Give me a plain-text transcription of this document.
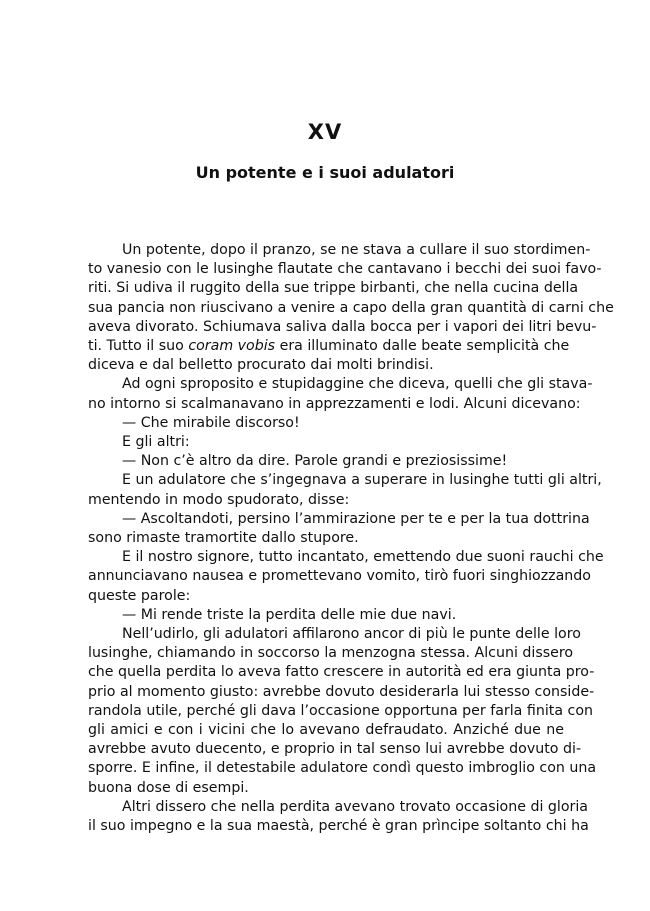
XV
Un potente e i suoi adulatori
Un potente, dopo il pranzo, se ne stava a cullare il suo stordimen-
to vanesio con le lusinghe flautate che cantavano i becchi dei suoi favo-
riti. Si udiva il ruggito della sue trippe birbanti, che nella cucina della
sua pancia non riuscivano a venire a capo della gran quantità di carni che
aveva divorato. Schiumava saliva dalla bocca per i vapori dei litri bevu-
ti. Tutto il suo coram vobis era illuminato dalle beate semplicità che
diceva e dal belletto procurato dai molti brindisi.
Ad ogni sproposito e stupidaggine che diceva, quelli che gli stava-
no intorno si scalmanavano in apprezzamenti e lodi. Alcuni dicevano:
— Che mirabile discorso!
E gli altri:
— Non c’è altro da dire. Parole grandi e preziosissime!
E un adulatore che s’ingegnava a superare in lusinghe tutti gli altri,
mentendo in modo spudorato, disse:
— Ascoltandoti, persino l’ammirazione per te e per la tua dottrina
sono rimaste tramortite dallo stupore.
E il nostro signore, tutto incantato, emettendo due suoni rauchi che
annunciavano nausea e promettevano vomito, tirò fuori singhiozzando
queste parole:
— Mi rende triste la perdita delle mie due navi.
Nell’udirlo, gli adulatori affilarono ancor di più le punte delle loro
lusinghe, chiamando in soccorso la menzogna stessa. Alcuni dissero
che quella perdita lo aveva fatto crescere in autorità ed era giunta pro-
prio al momento giusto: avrebbe dovuto desiderarla lui stesso conside-
randola utile, perché gli dava l’occasione opportuna per farla finita con
gli amici e con i vicini che lo avevano defraudato. Anziché due ne
avrebbe avuto duecento, e proprio in tal senso lui avrebbe dovuto di-
sporre. E infine, il detestabile adulatore condì questo imbroglio con una
buona dose di esempi.
Altri dissero che nella perdita avevano trovato occasione di gloria
il suo impegno e la sua maestà, perché è gran prìncipe soltanto chi ha
